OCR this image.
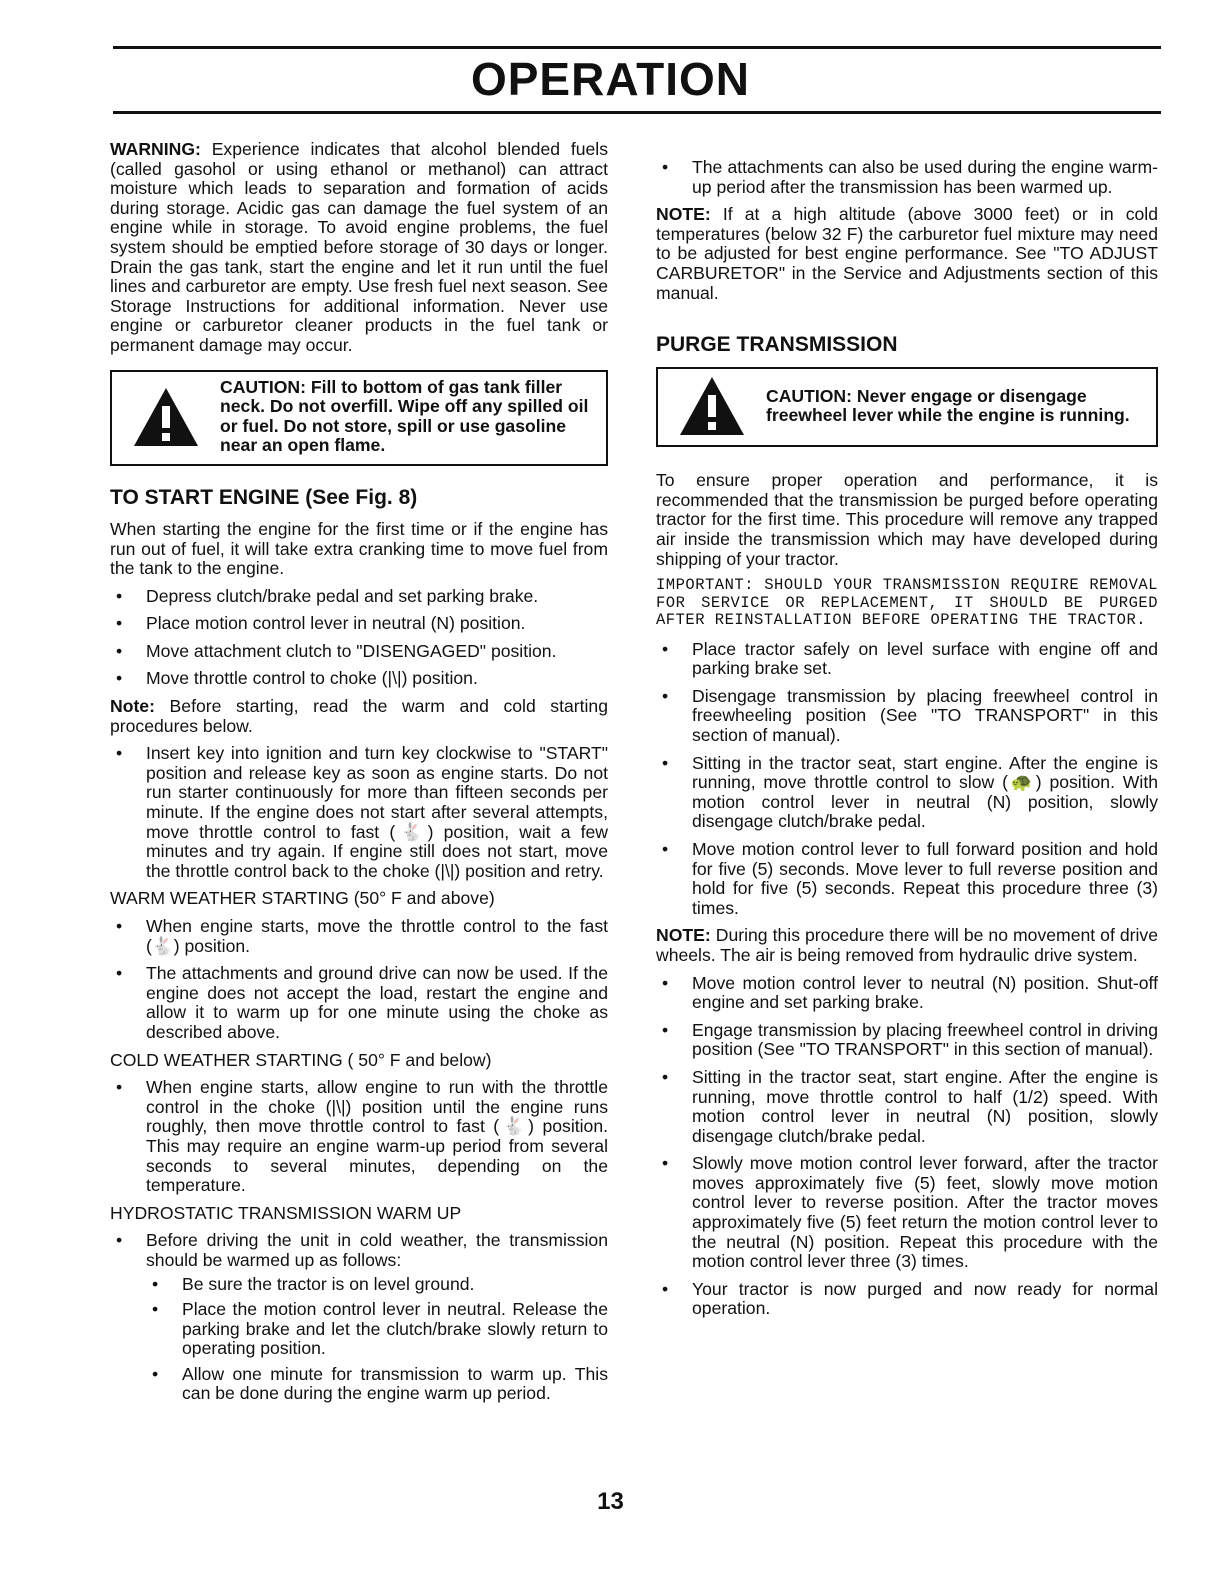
OPERATION

WARNING: Experience indicates that alcohol blended fuels (called gasohol or using ethanol or methanol) can attract moisture which leads to separation and formation of acids during storage. Acidic gas can damage the fuel system of an engine while in storage. To avoid engine problems, the fuel system should be emptied before storage of 30 days or longer. Drain the gas tank, start the engine and let it run until the fuel lines and carburetor are empty. Use fresh fuel next season. See Storage Instructions for additional information. Never use engine or carburetor cleaner products in the fuel tank or permanent damage may occur.

CAUTION: Fill to bottom of gas tank filler neck. Do not overfill. Wipe off any spilled oil or fuel. Do not store, spill or use gasoline near an open flame.
TO START ENGINE (See Fig. 8)

When starting the engine for the first time or if the engine has run out of fuel, it will take extra cranking time to move fuel from the tank to the engine.

• Depress clutch/brake pedal and set parking brake.
• Place motion control lever in neutral (N) position.
• Move attachment clutch to "DISENGAGED" position.
• Move throttle control to choke (|\|) position.

Note: Before starting, read the warm and cold starting procedures below.

• Insert key into ignition and turn key clockwise to "START" position and release key as soon as engine starts. Do not run starter continuously for more than fifteen seconds per minute. If the engine does not start after several attempts, move throttle control to fast (🐇) position, wait a few minutes and try again. If engine still does not start, move the throttle control back to the choke (|\|) position and retry.
WARM WEATHER STARTING (50° F and above)
• When engine starts, move the throttle control to the fast (🐇) position.
• The attachments and ground drive can now be used. If the engine does not accept the load, restart the engine and allow it to warm up for one minute using the choke as described above.
COLD WEATHER STARTING ( 50° F and below)
• When engine starts, allow engine to run with the throttle control in the choke (|\|) position until the engine runs roughly, then move throttle control to fast (🐇) position. This may require an engine warm-up period from several seconds to several minutes, depending on the temperature.
HYDROSTATIC TRANSMISSION WARM UP
• Before driving the unit in cold weather, the transmission should be warmed up as follows:
• Be sure the tractor is on level ground.
• Place the motion control lever in neutral. Release the parking brake and let the clutch/brake slowly return to operating position.
• Allow one minute for transmission to warm up. This can be done during the engine warm up period.
• The attachments can also be used during the engine warm-up period after the transmission has been warmed up.

NOTE: If at a high altitude (above 3000 feet) or in cold temperatures (below 32 F) the carburetor fuel mixture may need to be adjusted for best engine performance. See "TO ADJUST CARBURETOR" in the Service and Adjustments section of this manual.

PURGE TRANSMISSION
CAUTION: Never engage or disengage freewheel lever while the engine is running.

To ensure proper operation and performance, it is recommended that the transmission be purged before operating tractor for the first time. This procedure will remove any trapped air inside the transmission which may have developed during shipping of your tractor.

IMPORTANT: SHOULD YOUR TRANSMISSION REQUIRE REMOVAL FOR SERVICE OR REPLACEMENT, IT SHOULD BE PURGED AFTER REINSTALLATION BEFORE OPERATING THE TRACTOR.

• Place tractor safely on level surface with engine off and parking brake set.
• Disengage transmission by placing freewheel control in freewheeling position (See "TO TRANSPORT" in this section of manual).
• Sitting in the tractor seat, start engine. After the engine is running, move throttle control to slow (🐢) position. With motion control lever in neutral (N) position, slowly disengage clutch/brake pedal.
• Move motion control lever to full forward position and hold for five (5) seconds. Move lever to full reverse position and hold for five (5) seconds. Repeat this procedure three (3) times.

NOTE: During this procedure there will be no movement of drive wheels. The air is being removed from hydraulic drive system.

• Move motion control lever to neutral (N) position. Shut-off engine and set parking brake.
• Engage transmission by placing freewheel control in driving position (See "TO TRANSPORT" in this section of manual).
• Sitting in the tractor seat, start engine. After the engine is running, move throttle control to half (1/2) speed. With motion control lever in neutral (N) position, slowly disengage clutch/brake pedal.
• Slowly move motion control lever forward, after the tractor moves approximately five (5) feet, slowly move motion control lever to reverse position. After the tractor moves approximately five (5) feet return the motion control lever to the neutral (N) position. Repeat this procedure with the motion control lever three (3) times.
• Your tractor is now purged and now ready for normal operation.
13
